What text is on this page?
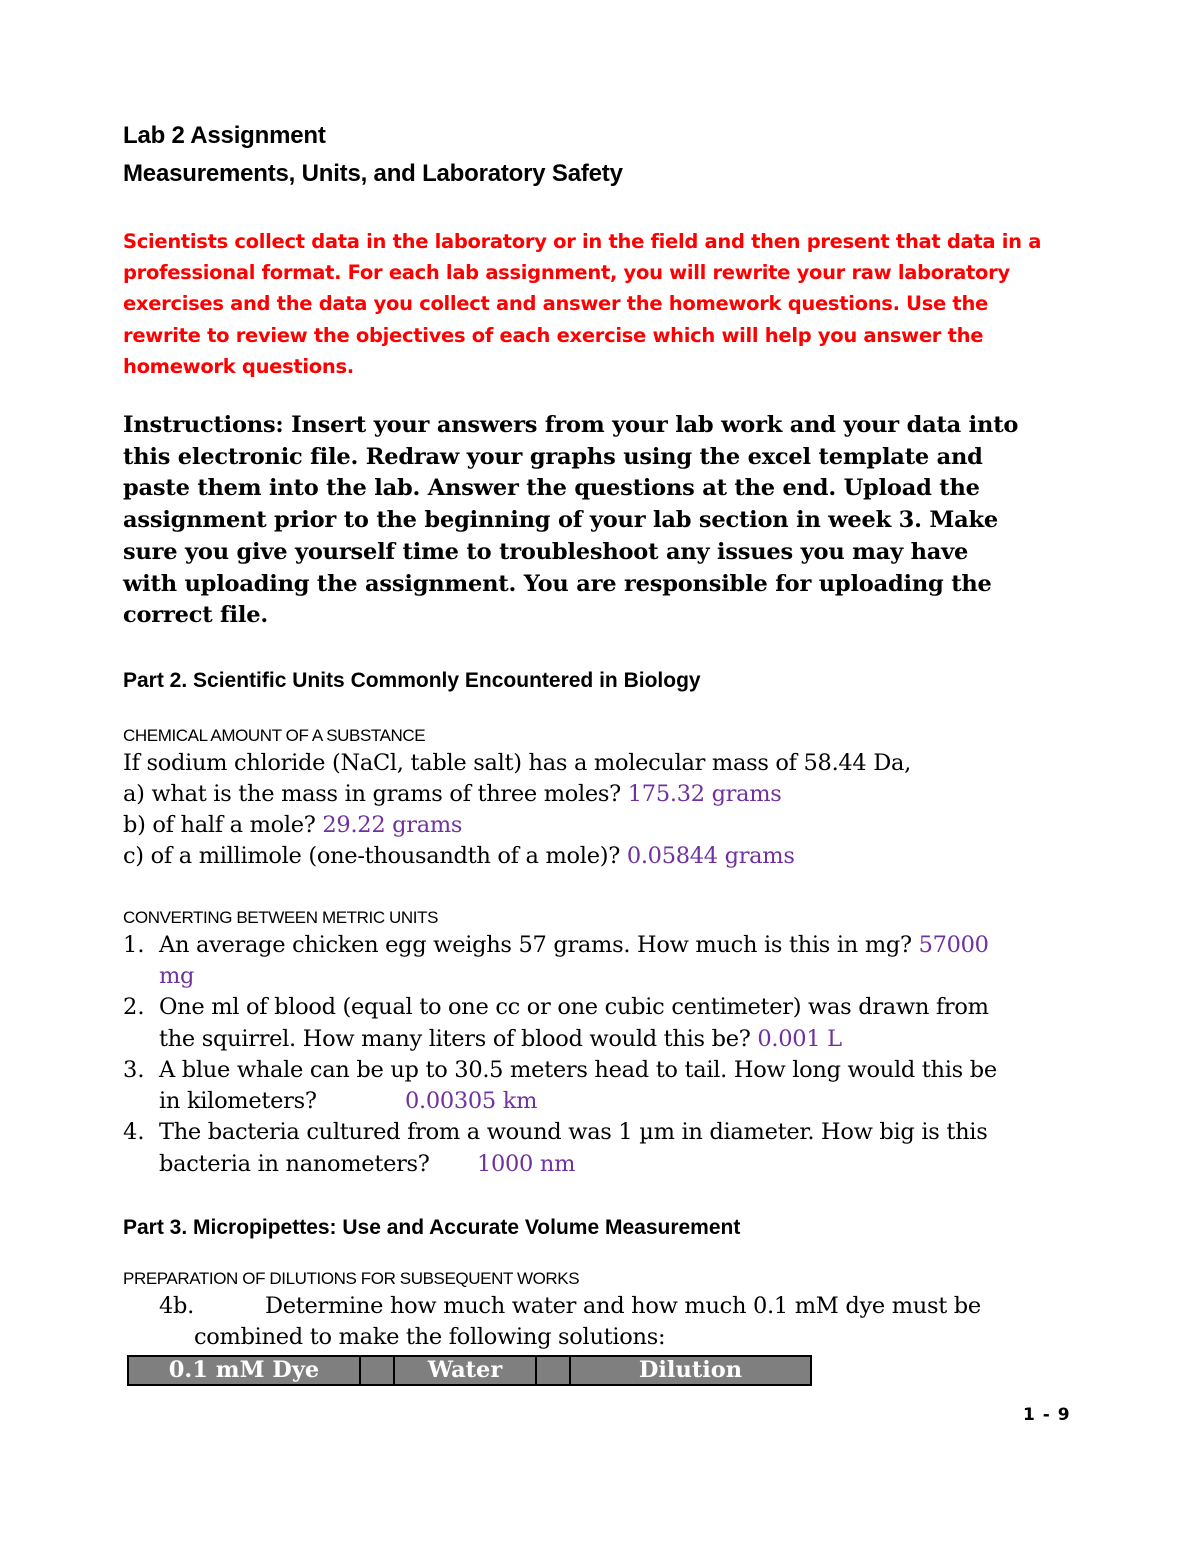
Lab 2 Assignment
Measurements, Units, and Laboratory Safety
Scientists collect data in the laboratory or in the field and then present that data in a
professional format. For each lab assignment, you will rewrite your raw laboratory
exercises and the data you collect and answer the homework questions. Use the
rewrite to review the objectives of each exercise which will help you answer the
homework questions.
Instructions: Insert your answers from your lab work and your data into
this electronic file. Redraw your graphs using the excel template and
paste them into the lab. Answer the questions at the end. Upload the
assignment prior to the beginning of your lab section in week 3. Make
sure you give yourself time to troubleshoot any issues you may have
with uploading the assignment. You are responsible for uploading the
correct file.
Part 2. Scientific Units Commonly Encountered in Biology
CHEMICAL AMOUNT OF A SUBSTANCE
If sodium chloride (NaCl, table salt) has a molecular mass of 58.44 Da,
a) what is the mass in grams of three moles? 175.32 grams
b) of half a mole? 29.22 grams
c) of a millimole (one-thousandth of a mole)? 0.05844 grams
CONVERTING BETWEEN METRIC UNITS
1. An average chicken egg weighs 57 grams. How much is this in mg? 57000
mg
2. One ml of blood (equal to one cc or one cubic centimeter) was drawn from
the squirrel. How many liters of blood would this be? 0.001 L
3. A blue whale can be up to 30.5 meters head to tail. How long would this be
in kilometers?	0.00305 km
4. The bacteria cultured from a wound was 1 µm in diameter. How big is this
bacteria in nanometers? 1000 nm
Part 3. Micropipettes: Use and Accurate Volume Measurement
PREPARATION OF DILUTIONS FOR SUBSEQUENT WORKS
4b.	Determine how much water and how much 0.1 mM dye must be
combined to make the following solutions:
0.1 mM Dye		Water		Dilution
1 - 9
